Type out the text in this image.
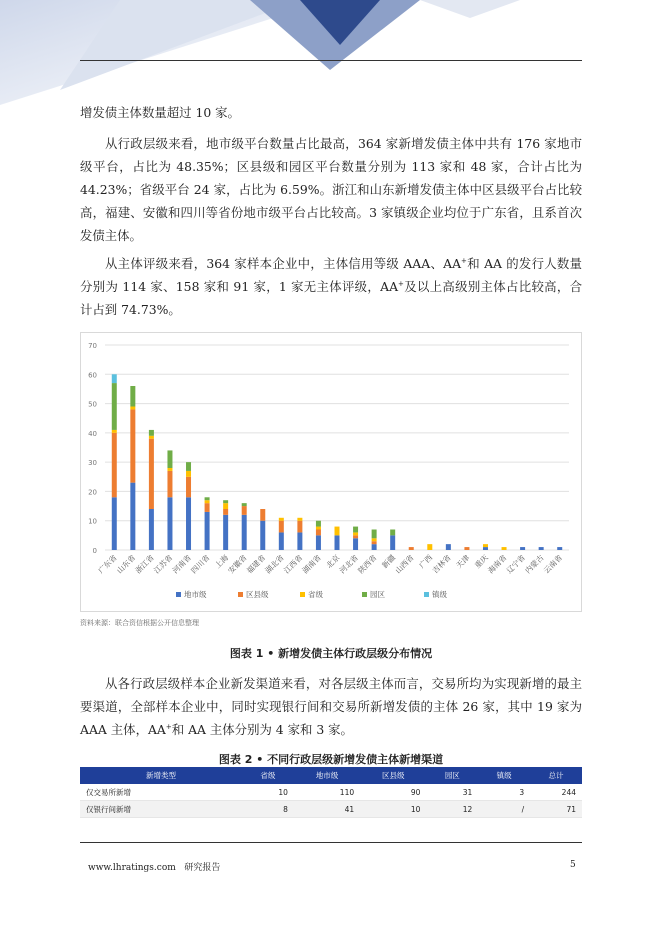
增发债主体数量超过 10 家。

从行政层级来看，地市级平台数量占比最高，364 家新增发债主体中共有 176 家地市级平台，占比为 48.35%；区县级和园区平台数量分别为 113 家和 48 家，合计占比为 44.23%；省级平台 24 家，占比为 6.59%。浙江和山东新增发债主体中区县级平台占比较高，福建、安徽和四川等省份地市级平台占比较高。3 家镇级企业均位于广东省，且系首次发债主体。

从主体评级来看，364 家样本企业中，主体信用等级 AAA、AA+和 AA 的发行人数量分别为 114 家、158 家和 91 家，1 家无主体评级，AA+及以上高级别主体占比较高，合计占到 74.73%。

0
10
20
30
40
50
60
70
广东省
山东省
浙江省
江苏省
河南省
四川省 上海
安徽省
福建省
湖北省
江西省
湖南省 北京
河北省
陕西省 新疆
山西省 广西
吉林省 天津 重庆
海南省
辽宁省
内蒙古
云南省
地市级	区县级	省级	园区	镇级
资料来源：联合资信根据公开信息整理
图表 1 • 新增发债主体行政层级分布情况

从各行政层级样本企业新发渠道来看，对各层级主体而言，交易所均为实现新增的最主要渠道，全部样本企业中，同时实现银行间和交易所新增发债的主体 26 家，其中 19 家为 AAA 主体，AA+和 AA 主体分别为 4 家和 3 家。

图表 2 • 不同行政层级新增发债主体新增渠道
新增类型	省级	地市级	区县级	园区	镇级	总计
仅交易所新增	10	110	90	31	3	244
仅银行间新增	8	41	10	12	/	71
www.lhratings.com 研究报告	5
